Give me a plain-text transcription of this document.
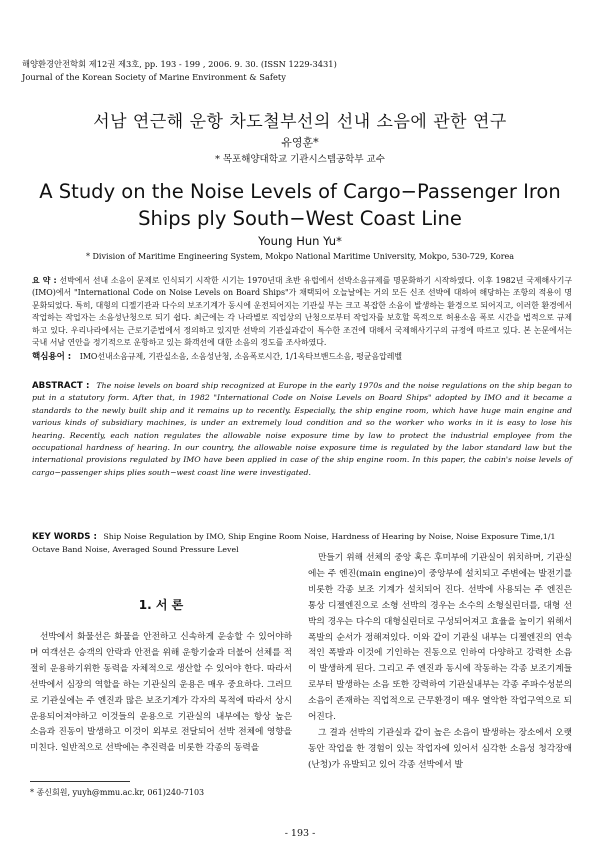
해양환경안전학회 제12권 제3호, pp. 193 - 199 , 2006. 9. 30. (ISSN 1229-3431)
Journal of the Korean Society of Marine Environment & Safety
서남 연근해 운항 차도철부선의 선내 소음에 관한 연구
유영훈*
* 목포해양대학교 기관시스템공학부 교수
A Study on the Noise Levels of Cargo−Passenger Iron Ships ply South−West Coast Line
Young Hun Yu*
* Division of Maritime Engineering System, Mokpo National Maritime University, Mokpo, 530-729, Korea
요 약 : 선박에서 선내 소음이 문제로 인식되기 시작한 시기는 1970년대 초반 유럽에서 선박소음규제를 명문화하기 시작하였다. 이후 1982년 국제해사기구(IMO)에서 "International Code on Noise Levels on Board Ships"가 채택되어 오늘날에는 거의 모든 신조 선박에 대하여 해당하는 조항의 적용이 명문화되었다. 특히, 대형의 디젤기관과 다수의 보조기계가 동시에 운전되어지는 기관실 부는 크고 복잡한 소음이 발생하는 환경으로 되어지고, 이러한 환경에서 작업하는 작업자는 소음성난청으로 되기 쉽다. 최근에는 각 나라별로 직업상의 난청으로부터 작업자를 보호할 목적으로 허용소음 폭로 시간을 법적으로 규제하고 있다. 우리나라에서는 근로기준법에서 정의하고 있지만 선박의 기관실과같이 특수한 조건에 대해서 국제해사기구의 규정에 따르고 있다. 본 논문에서는 국내 서남 연안을 정기적으로 운항하고 있는 화객선에 대한 소음의 정도를 조사하였다.
핵심용어 : IMO선내소음규제, 기관실소음, 소음성난청, 소음폭로시간, 1/1옥타브밴드소음, 평균음압레벨
ABSTRACT : The noise levels on board ship recognized at Europe in the early 1970s and the noise regulations on the ship began to put in a statutory form. After that, in 1982 "International Code on Noise Levels on Board Ships" adopted by IMO and it became a standards to the newly built ship and it remains up to recently. Especially, the ship engine room, which have huge main engine and various kinds of subsidiary machines, is under an extremely loud condition and so the worker who works in it is easy to lose his hearing. Recently, each nation regulates the allowable noise exposure time by law to protect the industrial employee from the occupational hardness of hearing. In our country, the allowable noise exposure time is regulated by the labor standard law but the international provisions regulated by IMO have been applied in case of the ship engine room. In this paper, the cabin's noise levels of cargo−passenger ships plies south−west coast line were investigated.
KEY WORDS : Ship Noise Regulation by IMO, Ship Engine Room Noise, Hardness of Hearing by Noise, Noise Exposure Time,1/1 Octave Band Noise, Averaged Sound Pressure Level
1. 서 론
선박에서 화물선은 화물을 안전하고 신속하게 운송할 수 있어야하며 여객선은 승객의 안락과 안전을 위해 운항기술과 더불어 선체를 적절히 운용하기위한 동력을 자체적으로 생산할 수 있어야 한다. 따라서 선박에서 심장의 역할을 하는 기관실의 운용은 매우 중요하다. 그러므로 기관실에는 주 엔진과 많은 보조기계가 각자의 목적에 따라서 상시 운용되어져야하고 이것들의 운용으로 기관실의 내부에는 항상 높은 소음과 진동이 발생하고 이것이 외부로 전달되어 선박 전체에 영향을 미친다. 일반적으로 선박에는 추진력을 비롯한 각종의 동력을

만들기 위해 선체의 중앙 혹은 후미부에 기관실이 위치하며, 기관실에는 주 엔진(main engine)이 중앙부에 설치되고 주변에는 발전기를 비롯한 각종 보조 기계가 설치되어 진다. 선박에 사용되는 주 엔진은 통상 디젤엔진으로 소형 선박의 경우는 소수의 소형실린더를, 대형 선박의 경우는 다수의 대형실린더로 구성되어져고 효율을 높이기 위해서 폭발의 순서가 정해져있다. 이와 같이 기관실 내부는 디젤엔진의 연속적인 폭발과 이것에 기인하는 진동으로 인하여 다양하고 강력한 소음이 발생하게 된다. 그리고 주 엔진과 동시에 작동하는 각종 보조기계들로부터 발생하는 소음 또한 강력하여 기관실내부는 각종 주파수성분의 소음이 존재하는 직업적으로 근무환경이 매우 열악한 작업구역으로 되어진다.

그 결과 선박의 기관실과 같이 높은 소음이 발생하는 장소에서 오랫동안 작업을 한 경험이 있는 작업자에 있어서 심각한 소음성 청각장애(난청)가 유발되고 있어 각종 선박에서 발

* 종신회원, yuyh@mmu.ac.kr, 061)240-7103
- 193 -
